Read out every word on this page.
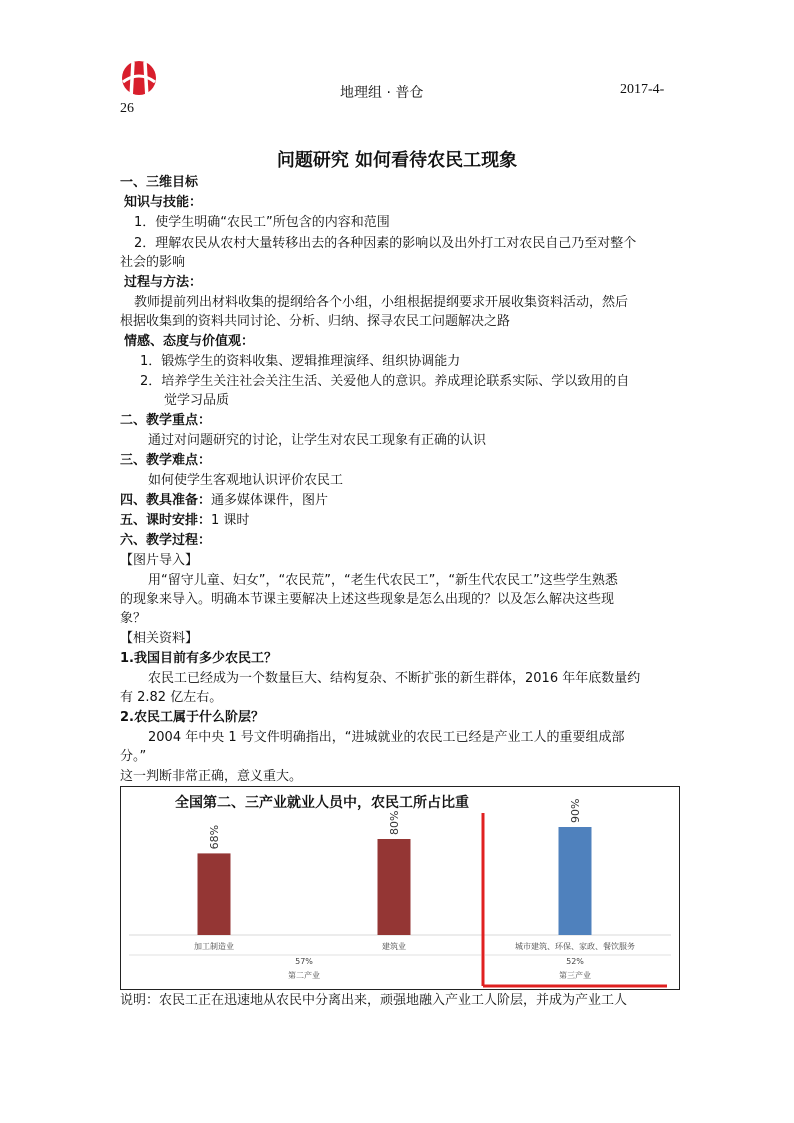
地理组 · 普仓	2017-4-
26
问题研究 如何看待农民工现象
一、三维目标
知识与技能：
1．使学生明确“农民工”所包含的内容和范围
2．理解农民从农村大量转移出去的各种因素的影响以及出外打工对农民自己乃至对整个
社会的影响
过程与方法：
教师提前列出材料收集的提纲给各个小组，小组根据提纲要求开展收集资料活动，然后
根据收集到的资料共同讨论、分析、归纳、探寻农民工问题解决之路
情感、态度与价值观：
1．锻炼学生的资料收集、逻辑推理演绎、组织协调能力
2．培养学生关注社会关注生活、关爱他人的意识。养成理论联系实际、学以致用的自
觉学习品质
二、教学重点：
通过对问题研究的讨论，让学生对农民工现象有正确的认识
三、教学难点：
如何使学生客观地认识评价农民工
四、教具准备：通多媒体课件，图片
五、课时安排：1 课时
六、教学过程：
【图片导入】
用“留守儿童、妇女”，“农民荒”，“老生代农民工”，“新生代农民工”这些学生熟悉
的现象来导入。明确本节课主要解决上述这些现象是怎么出现的？以及怎么解决这些现
象？
【相关资料】
1.我国目前有多少农民工？
农民工已经成为一个数量巨大、结构复杂、不断扩张的新生群体，2016 年年底数量约
有 2.82 亿左右。
2.农民工属于什么阶层？
2004 年中央 1 号文件明确指出，“进城就业的农民工已经是产业工人的重要组成部
分。”
这一判断非常正确，意义重大。
全国第二、三产业就业人员中，农民工所占比重
68%
加工制造业
80%
建筑业
90%
城市建筑、环保、家政、餐饮服务
57%
第二产业
52%
第三产业
说明：农民工正在迅速地从农民中分离出来，顽强地融入产业工人阶层，并成为产业工人
